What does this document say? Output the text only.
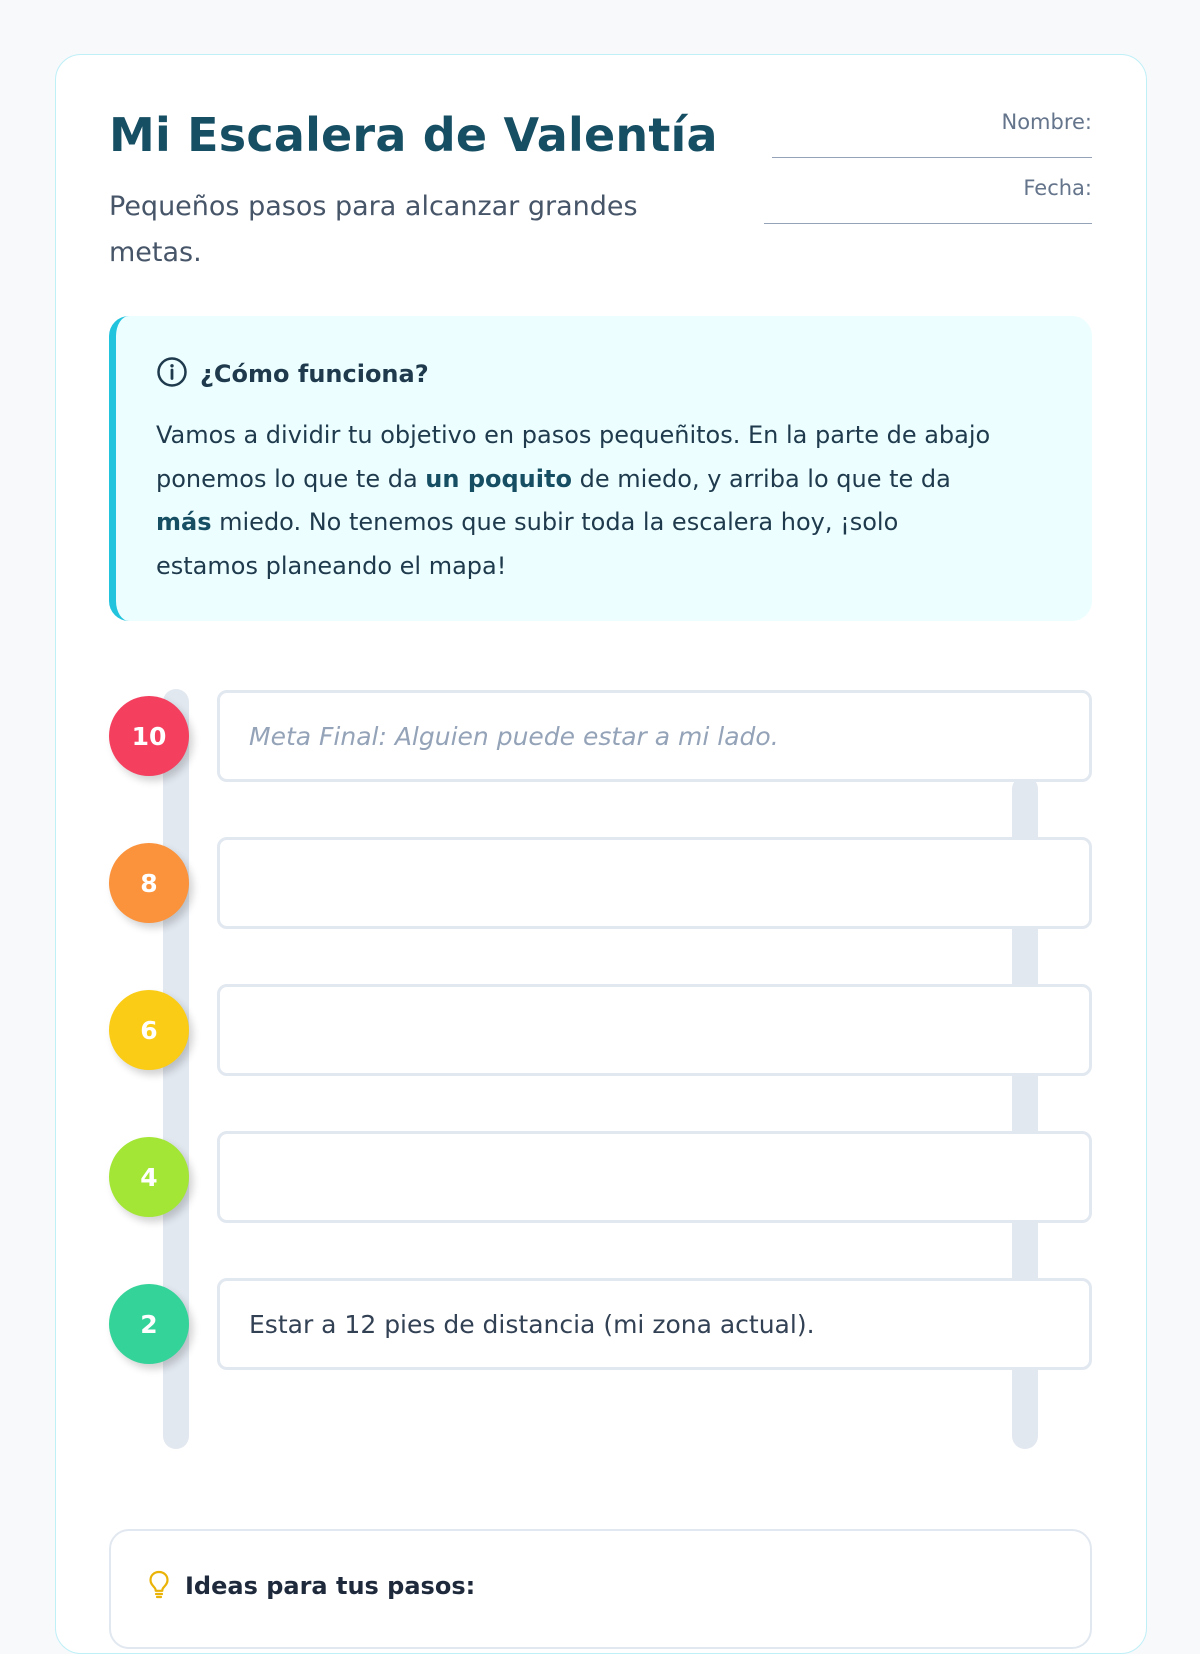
Mi Escalera de Valentía

Pequeños pasos para alcanzar grandes metas.

Nombre:
Fecha:
¿Cómo funciona?

Vamos a dividir tu objetivo en pasos pequeñitos. En la parte de abajo ponemos lo que te da un poquito de miedo, y arriba lo que te da más miedo. No tenemos que subir toda la escalera hoy, ¡solo estamos planeando el mapa!

10	Meta Final: Alguien puede estar a mi lado.
8
6
4
2	Estar a 12 pies de distancia (mi zona actual).
Ideas para tus pasos:
